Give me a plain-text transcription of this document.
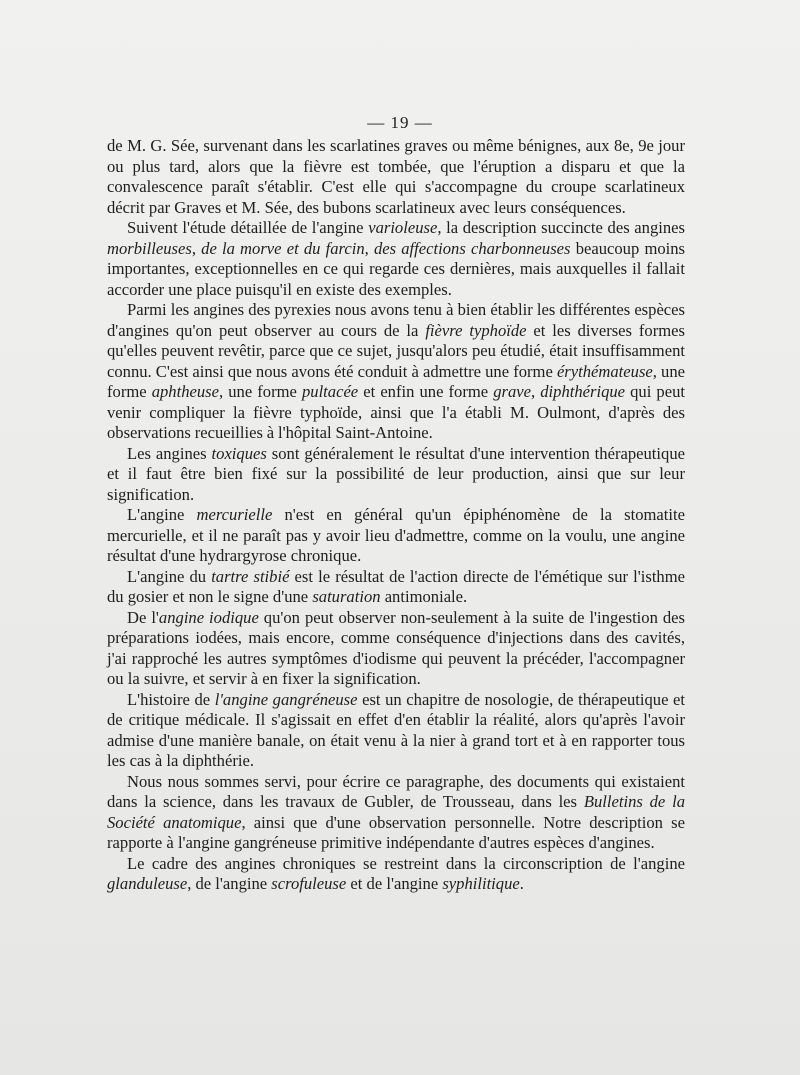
— 19 —

de M. G. Sée, survenant dans les scarlatines graves ou même bénignes, aux 8e, 9e jour ou plus tard, alors que la fièvre est tombée, que l'éruption a disparu et que la convalescence paraît s'établir. C'est elle qui s'accompagne du croupe scarlatineux décrit par Graves et M. Sée, des bubons scarlatineux avec leurs conséquences.

Suivent l'étude détaillée de l'angine varioleuse, la description succincte des angines morbilleuses, de la morve et du farcin, des affections charbonneuses beaucoup moins importantes, exceptionnelles en ce qui regarde ces dernières, mais auxquelles il fallait accorder une place puisqu'il en existe des exemples.

Parmi les angines des pyrexies nous avons tenu à bien établir les différentes espèces d'angines qu'on peut observer au cours de la fièvre typhoïde et les diverses formes qu'elles peuvent revêtir, parce que ce sujet, jusqu'alors peu étudié, était insuffisamment connu. C'est ainsi que nous avons été conduit à admettre une forme érythémateuse, une forme aphtheuse, une forme pultacée et enfin une forme grave, diphthérique qui peut venir compliquer la fièvre typhoïde, ainsi que l'a établi M. Oulmont, d'après des observations recueillies à l'hôpital Saint-Antoine.

Les angines toxiques sont généralement le résultat d'une intervention thérapeutique et il faut être bien fixé sur la possibilité de leur production, ainsi que sur leur signification.

L'angine mercurielle n'est en général qu'un épiphénomène de la stomatite mercurielle, et il ne paraît pas y avoir lieu d'admettre, comme on la voulu, une angine résultat d'une hydrargyrose chronique.

L'angine du tartre stibié est le résultat de l'action directe de l'émétique sur l'isthme du gosier et non le signe d'une saturation antimoniale.

De l'angine iodique qu'on peut observer non-seulement à la suite de l'ingestion des préparations iodées, mais encore, comme conséquence d'injections dans des cavités, j'ai rapproché les autres symptômes d'iodisme qui peuvent la précéder, l'accompagner ou la suivre, et servir à en fixer la signification.

L'histoire de l'angine gangréneuse est un chapitre de nosologie, de thérapeutique et de critique médicale. Il s'agissait en effet d'en établir la réalité, alors qu'après l'avoir admise d'une manière banale, on était venu à la nier à grand tort et à en rapporter tous les cas à la diphthérie.

Nous nous sommes servi, pour écrire ce paragraphe, des documents qui existaient dans la science, dans les travaux de Gubler, de Trousseau, dans les Bulletins de la Société anatomique, ainsi que d'une observation personnelle. Notre description se rapporte à l'angine gangréneuse primitive indépendante d'autres espèces d'angines.

Le cadre des angines chroniques se restreint dans la circonscription de l'angine glanduleuse, de l'angine scrofuleuse et de l'angine syphilitique.
